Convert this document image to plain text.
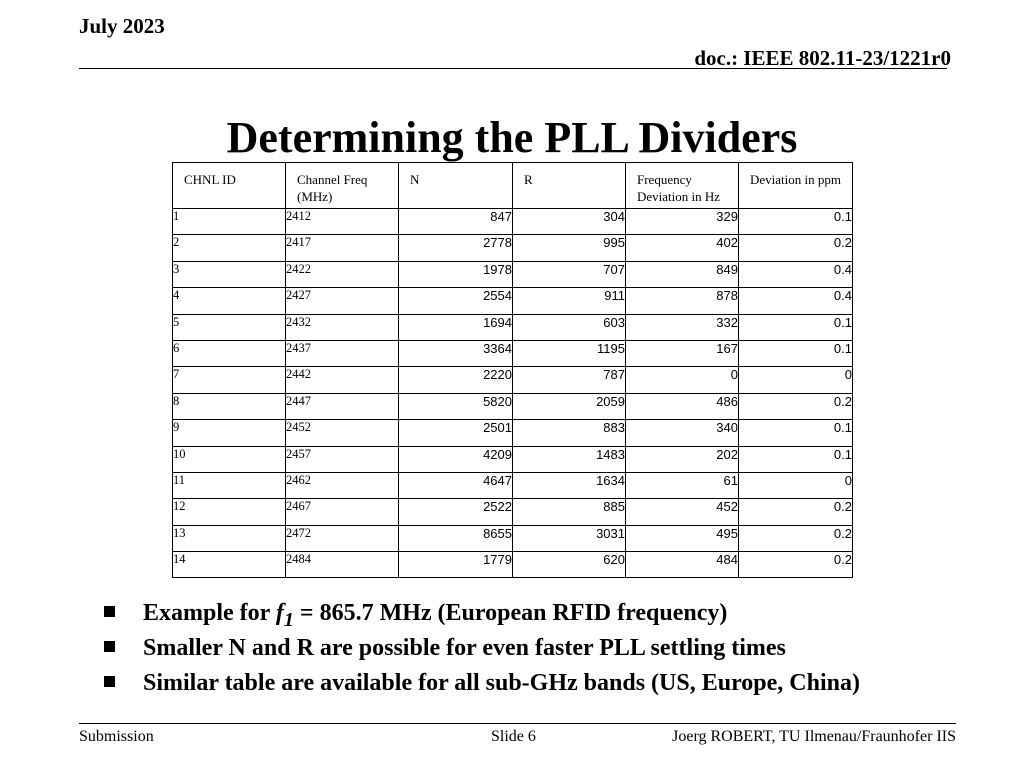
July 2023
doc.: IEEE 802.11-23/1221r0
Determining the PLL Dividers
CHNL ID	Channel Freq (MHz)	N	R	Frequency Deviation in Hz	Deviation in ppm
1	2412	847	304	329	0.1
2	2417	2778	995	402	0.2
3	2422	1978	707	849	0.4
4	2427	2554	911	878	0.4
5	2432	1694	603	332	0.1
6	2437	3364	1195	167	0.1
7	2442	2220	787	0	0
8	2447	5820	2059	486	0.2
9	2452	2501	883	340	0.1
10	2457	4209	1483	202	0.1
11	2462	4647	1634	61	0
12	2467	2522	885	452	0.2
13	2472	8655	3031	495	0.2
14	2484	1779	620	484	0.2
Example for $f_1 = 865.7$ MHz (European RFID frequency)
Smaller N and R are possible for even faster PLL settling times
Similar table are available for all sub-GHz bands (US, Europe, China)
Submission	Slide 6	Joerg ROBERT, TU Ilmenau/Fraunhofer IIS
